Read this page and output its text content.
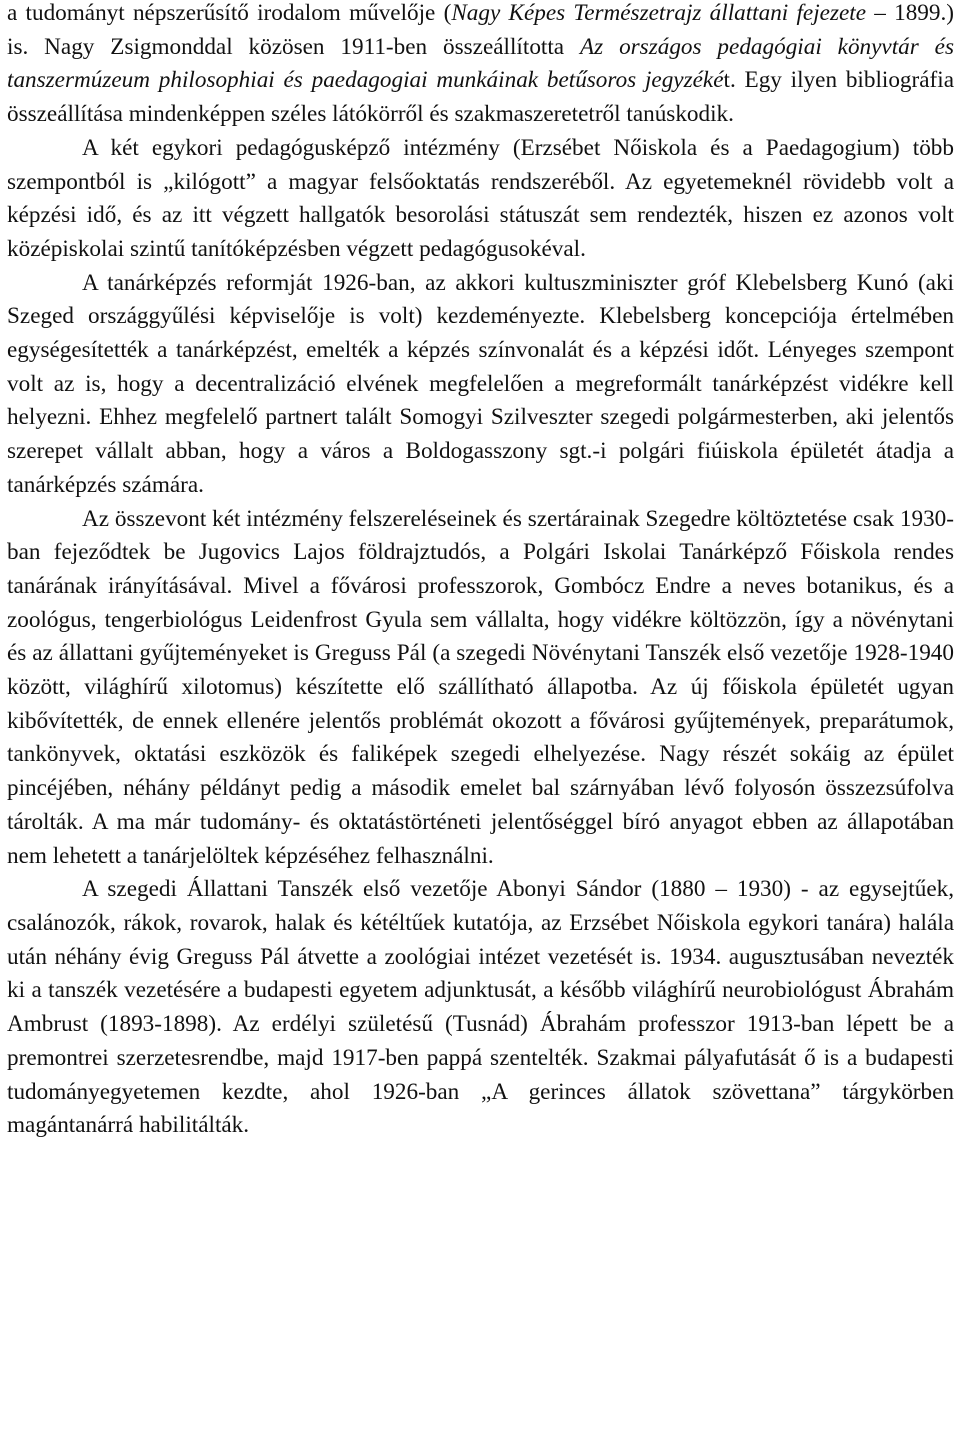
a tudományt népszerűsítő irodalom művelője (Nagy Képes Természetrajz állattani fejezete – 1899.) is. Nagy Zsigmonddal közösen 1911-ben összeállította Az országos pedagógiai könyvtár és tanszermúzeum philosophiai és paedagogiai munkáinak betűsoros jegyzékét. Egy ilyen bibliográfia összeállítása mindenképpen széles látókörről és szakmaszeretetről tanúskodik.

A két egykori pedagógusképző intézmény (Erzsébet Nőiskola és a Paedagogium) több szempontból is „kilógott” a magyar felsőoktatás rendszeréből. Az egyetemeknél rövidebb volt a képzési idő, és az itt végzett hallgatók besorolási státuszát sem rendezték, hiszen ez azonos volt középiskolai szintű tanítóképzésben végzett pedagógusokéval.

A tanárképzés reformját 1926-ban, az akkori kultuszminiszter gróf Klebelsberg Kunó (aki Szeged országgyűlési képviselője is volt) kezdeményezte. Klebelsberg koncepciója értelmében egységesítették a tanárképzést, emelték a képzés színvonalát és a képzési időt. Lényeges szempont volt az is, hogy a decentralizáció elvének megfelelően a megreformált tanárképzést vidékre kell helyezni. Ehhez megfelelő partnert talált Somogyi Szilveszter szegedi polgármesterben, aki jelentős szerepet vállalt abban, hogy a város a Boldogasszony sgt.-i polgári fiúiskola épületét átadja a tanárképzés számára.

Az összevont két intézmény felszereléseinek és szertárainak Szegedre költöztetése csak 1930-ban fejeződtek be Jugovics Lajos földrajztudós, a Polgári Iskolai Tanárképző Főiskola rendes tanárának irányításával. Mivel a fővárosi professzorok, Gombócz Endre a neves botanikus, és a zoológus, tengerbiológus Leidenfrost Gyula sem vállalta, hogy vidékre költözzön, így a növénytani és az állattani gyűjteményeket is Greguss Pál (a szegedi Növénytani Tanszék első vezetője 1928-1940 között, világhírű xilotomus) készítette elő szállítható állapotba. Az új főiskola épületét ugyan kibővítették, de ennek ellenére jelentős problémát okozott a fővárosi gyűjtemények, preparátumok, tankönyvek, oktatási eszközök és faliképek szegedi elhelyezése. Nagy részét sokáig az épület pincéjében, néhány példányt pedig a második emelet bal szárnyában lévő folyosón összezsúfolva tárolták. A ma már tudomány- és oktatástörténeti jelentőséggel bíró anyagot ebben az állapotában nem lehetett a tanárjelöltek képzéséhez felhasználni.

A szegedi Állattani Tanszék első vezetője Abonyi Sándor (1880 – 1930) - az egysejtűek, csalánozók, rákok, rovarok, halak és kétéltűek kutatója, az Erzsébet Nőiskola egykori tanára) halála után néhány évig Greguss Pál átvette a zoológiai intézet vezetését is. 1934. augusztusában nevezték ki a tanszék vezetésére a budapesti egyetem adjunktusát, a később világhírű neurobiológust Ábrahám Ambrust (1893-1898). Az erdélyi születésű (Tusnád) Ábrahám professzor 1913-ban lépett be a premontrei szerzetesrendbe, majd 1917-ben pappá szentelték. Szakmai pályafutását ő is a budapesti tudományegyetemen kezdte, ahol 1926-ban „A gerinces állatok szövettana” tárgykörben magántanárrá habilitálták.
